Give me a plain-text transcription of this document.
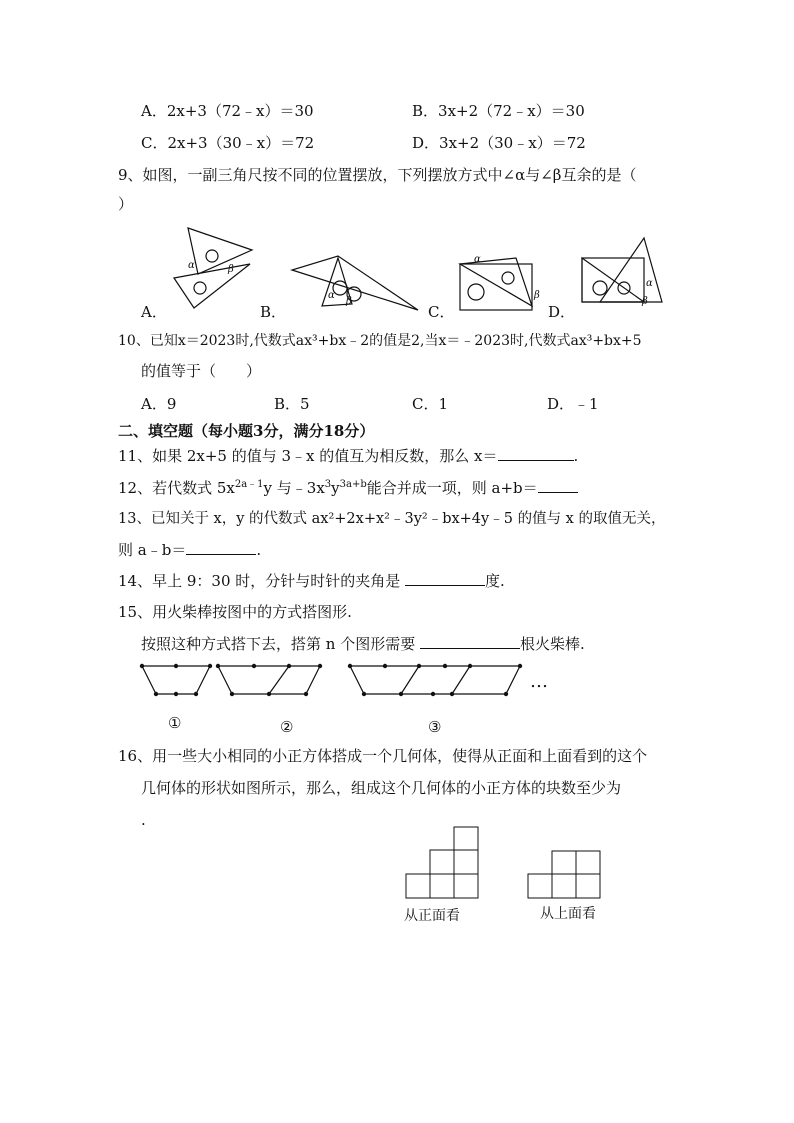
A．2x+3（72﹣x）＝30	B．3x+2（72﹣x）＝30
C．2x+3（30﹣x）＝72	D．3x+2（30﹣x）＝72
9、如图，一副三角尺按不同的位置摆放，下列摆放方式中∠α与∠β互余的是（
）
α	β
α
β
α
β
α
β
A．	B．	C．	D．
10、已知x＝2023时,代数式ax³+bx﹣2的值是2,当x＝﹣2023时,代数式ax³+bx+5
的值等于（　　）
A．9	B．5	C．1	D．﹣1
二、填空题（每小题3分，满分18分）
11、如果 2x+5 的值与 3﹣x 的值互为相反数，那么 x＝	.
12、若代数式 $5x^{2a﹣1}y$ 与$﹣3x^3y^{3a+b}$能合并成一项，则 a+b＝
13、已知关于 x，y 的代数式 ax²+2x+x²﹣3y²﹣bx+4y﹣5 的值与 x 的取值无关，
则 a﹣b＝	.
14、早上 9：30 时，分针与时针的夹角是	度.
15、用火柴棒按图中的方式搭图形.
按照这种方式搭下去，搭第 n 个图形需要	根火柴棒.
…
①	②	③
16、用一些大小相同的小正方体搭成一个几何体，使得从正面和上面看到的这个
几何体的形状如图所示，那么，组成这个几何体的小正方体的块数至少为
.
从正面看	从上面看
